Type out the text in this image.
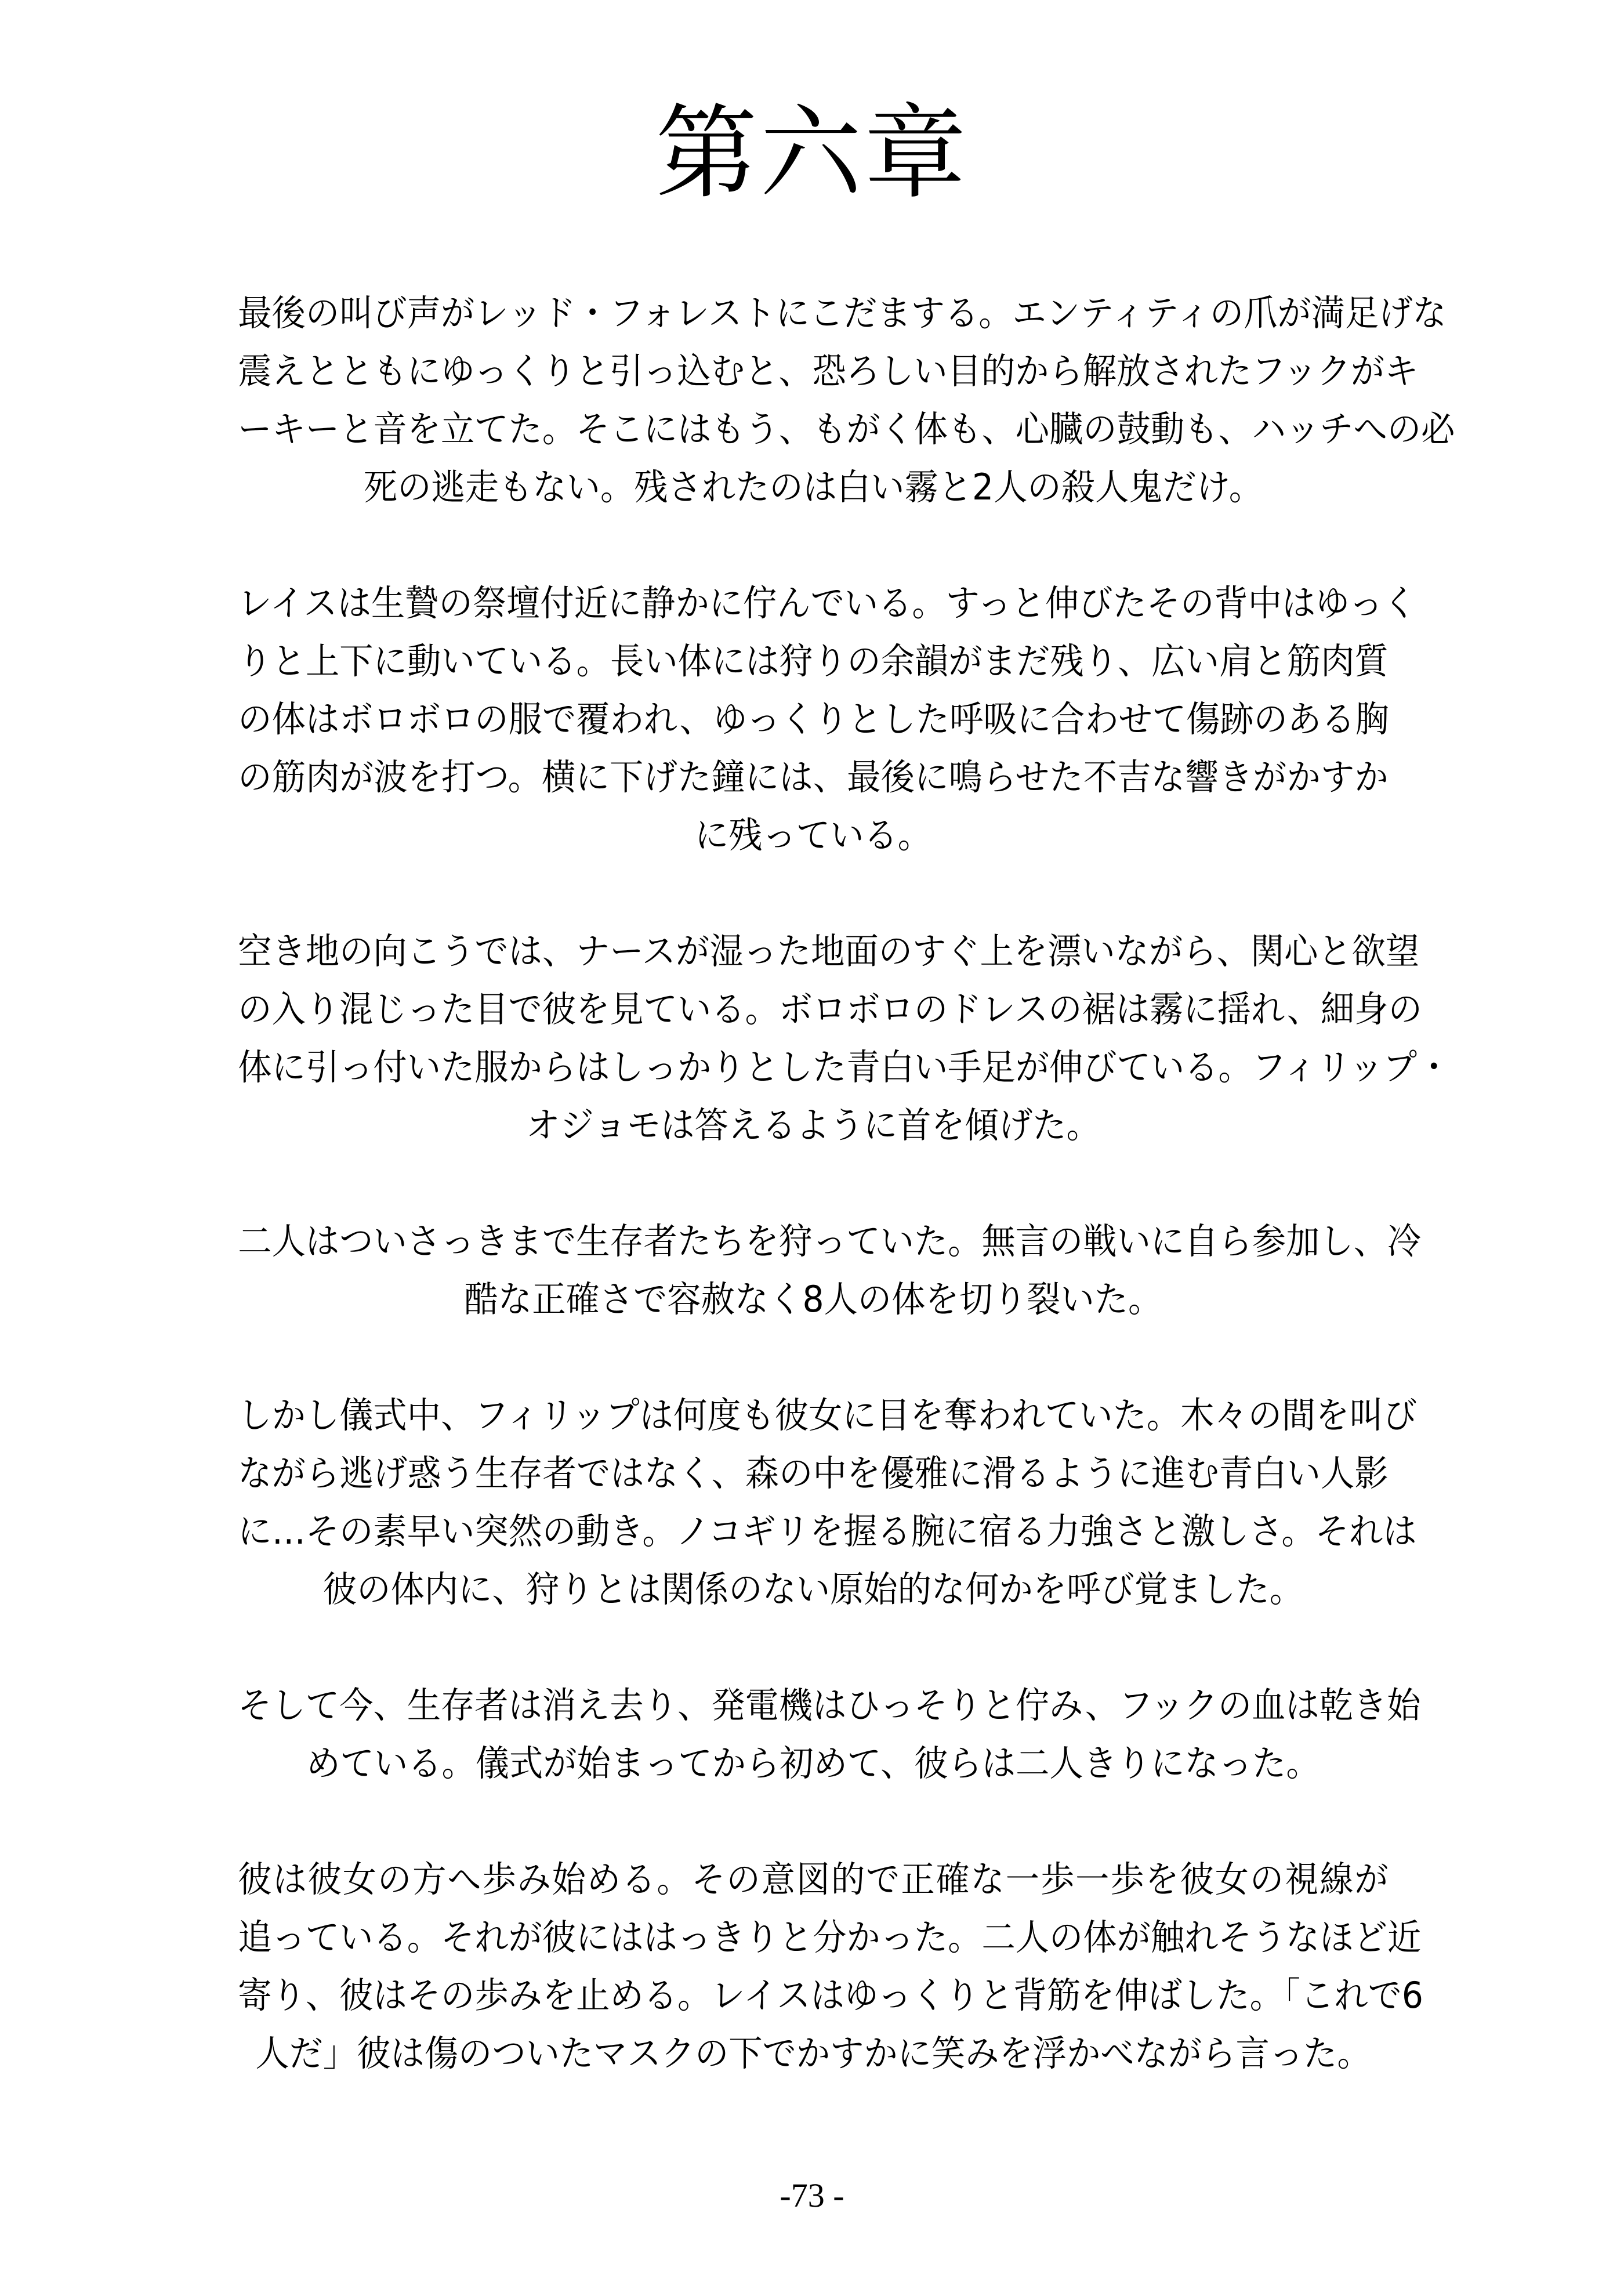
第六章

最後の叫び声がレッド・フォレストにこだまする。エンティティの爪が満足げな
震えとともにゆっくりと引っ込むと、恐ろしい目的から解放されたフックがキ
ーキーと音を立てた。そこにはもう、もがく体も、心臓の鼓動も、ハッチへの必
死の逃走もない。残されたのは白い霧と2人の殺人鬼だけ。

レイスは生贄の祭壇付近に静かに佇んでいる。すっと伸びたその背中はゆっく
りと上下に動いている。長い体には狩りの余韻がまだ残り、広い肩と筋肉質
の体はボロボロの服で覆われ、ゆっくりとした呼吸に合わせて傷跡のある胸
の筋肉が波を打つ。横に下げた鐘には、最後に鳴らせた不吉な響きがかすか
に残っている。

空き地の向こうでは、ナースが湿った地面のすぐ上を漂いながら、関心と欲望
の入り混じった目で彼を見ている。ボロボロのドレスの裾は霧に揺れ、細身の
体に引っ付いた服からはしっかりとした青白い手足が伸びている。フィリップ・
オジョモは答えるように首を傾げた。

二人はついさっきまで生存者たちを狩っていた。無言の戦いに自ら参加し、冷
酷な正確さで容赦なく8人の体を切り裂いた。

しかし儀式中、フィリップは何度も彼女に目を奪われていた。木々の間を叫び
ながら逃げ惑う生存者ではなく、森の中を優雅に滑るように進む青白い人影
に…その素早い突然の動き。ノコギリを握る腕に宿る力強さと激しさ。それは
彼の体内に、狩りとは関係のない原始的な何かを呼び覚ました。

そして今、生存者は消え去り、発電機はひっそりと佇み、フックの血は乾き始
めている。儀式が始まってから初めて、彼らは二人きりになった。

彼は彼女の方へ歩み始める。その意図的で正確な一歩一歩を彼女の視線が
追っている。それが彼にははっきりと分かった。二人の体が触れそうなほど近
寄り、彼はその歩みを止める。レイスはゆっくりと背筋を伸ばした。「これで6
人だ」彼は傷のついたマスクの下でかすかに笑みを浮かべながら言った。

-73 -
